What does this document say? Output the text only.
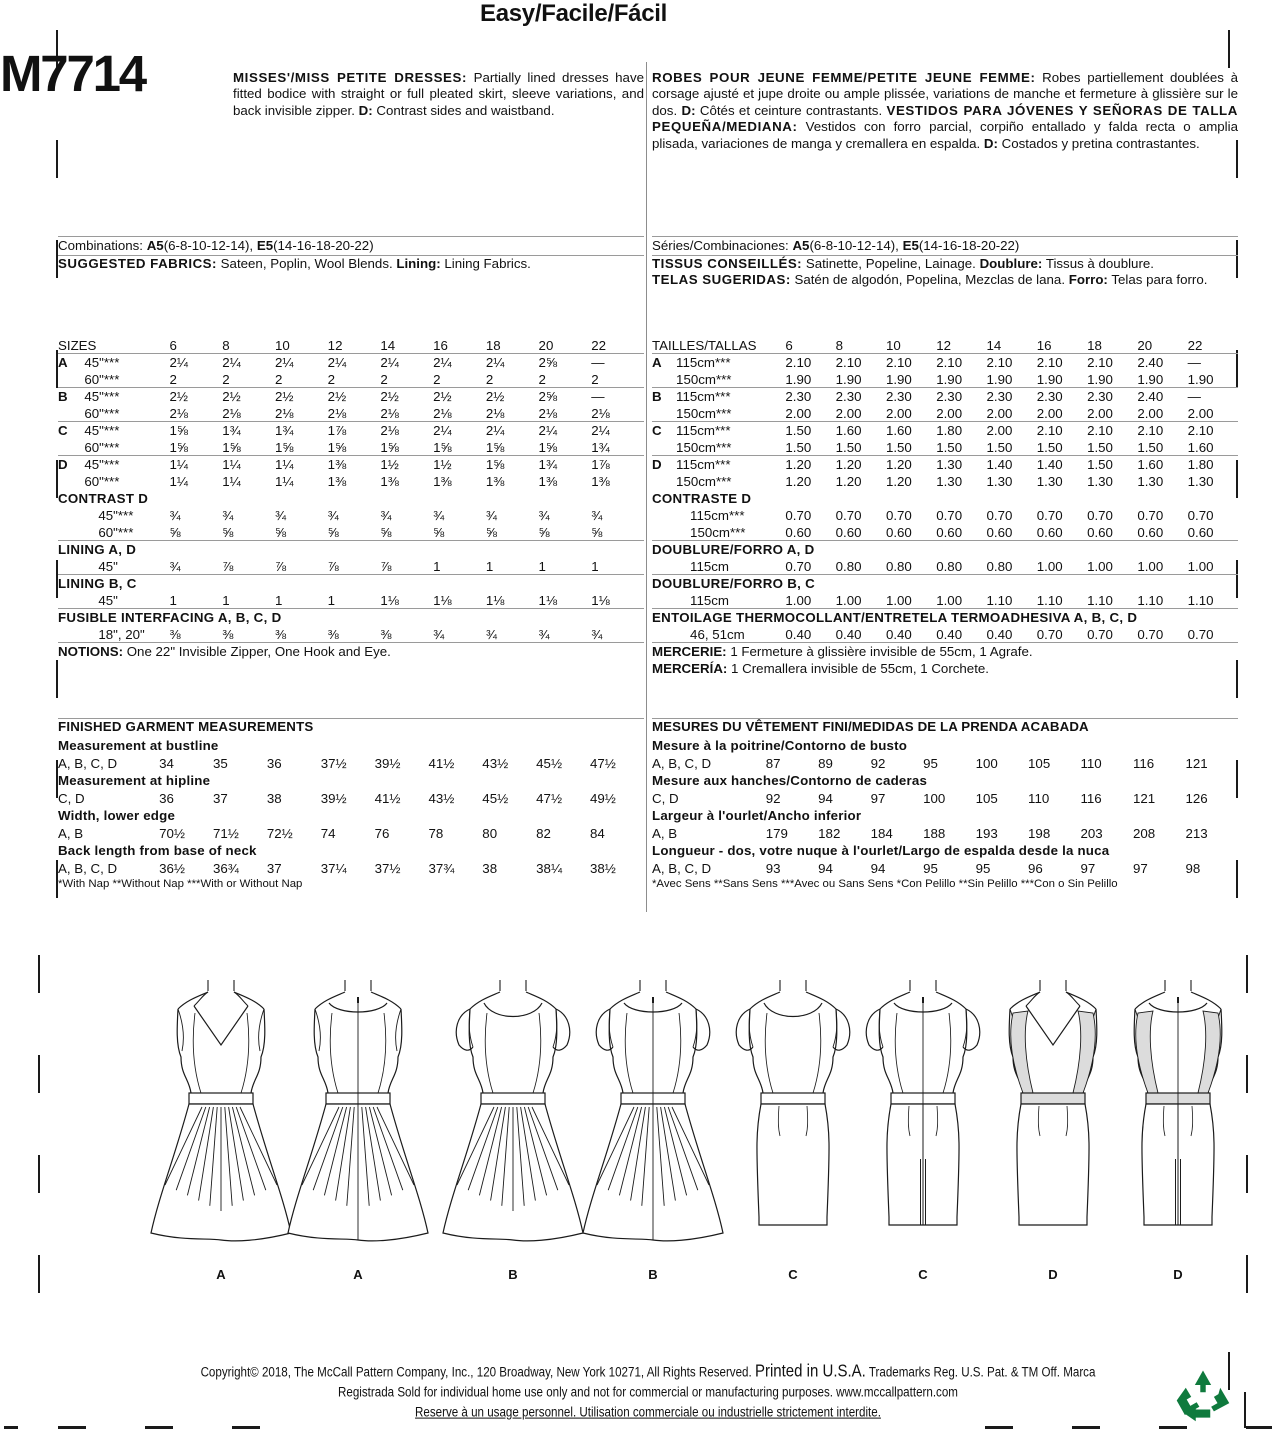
Easy/Facile/Fácil
M7714	MISSES'/MISS PETITE DRESSES: Partially lined dresses have fitted bodice with straight or full pleated skirt, sleeve variations, and back invisible zipper. D: Contrast sides and waistband.
Combinations: A5(6-8-10-12-14), E5(14-16-18-20-22)
SUGGESTED FABRICS: Sateen, Poplin, Wool Blends. Lining: Lining Fabrics.
SIZES		6	8	10	12	14	16	18	20	22
A	45"***	2¼	2¼	2¼	2¼	2¼	2¼	2¼	2⅝	—
	60"***	2	2	2	2	2	2	2	2	2
B	45"***	2½	2½	2½	2½	2½	2½	2½	2⅝	—
	60"***	2⅛	2⅛	2⅛	2⅛	2⅛	2⅛	2⅛	2⅛	2⅛
C	45"***	1⅝	1¾	1¾	1⅞	2⅛	2¼	2¼	2¼	2¼
	60"***	1⅝	1⅝	1⅝	1⅝	1⅝	1⅝	1⅝	1⅝	1¾
D	45"***	1¼	1¼	1¼	1⅜	1½	1½	1⅝	1¾	1⅞
	60"***	1¼	1¼	1¼	1⅜	1⅜	1⅜	1⅜	1⅜	1⅜
CONTRAST D										
	45"***	¾	¾	¾	¾	¾	¾	¾	¾	¾
	60"***	⅝	⅝	⅝	⅝	⅝	⅝	⅝	⅝	⅝
LINING A, D										
	45"	¾	⅞	⅞	⅞	⅞	1	1	1	1
LINING B, C										
	45"	1	1	1	1	1⅛	1⅛	1⅛	1⅛	1⅛
FUSIBLE INTERFACING A, B, C, D										
	18", 20"	⅜	⅜	⅜	⅜	⅜	¾	¾	¾	¾
NOTIONS: One 22" Invisible Zipper, One Hook and Eye.										
FINISHED GARMENT MEASUREMENTS
Measurement at bustline									
A, B, C, D	34	35	36	37½	39½	41½	43½	45½	47½
Measurement at hipline									
C, D	36	37	38	39½	41½	43½	45½	47½	49½
Width, lower edge									
A, B	70½	71½	72½	74	76	78	80	82	84
Back length from base of neck									
A, B, C, D	36½	36¾	37	37¼	37½	37¾	38	38¼	38½
*With Nap **Without Nap ***With or Without Nap
ROBES POUR JEUNE FEMME/PETITE JEUNE FEMME: Robes partiellement doublées à corsage ajusté et jupe droite ou ample plissée, variations de manche et fermeture à glissière sur le dos. D: Côtés et ceinture contrastants. VESTIDOS PARA JÓVENES Y SEÑORAS DE TALLA PEQUEÑA/MEDIANA: Vestidos con forro parcial, corpiño entallado y falda recta o amplia plisada, variaciones de manga y cremallera en espalda. D: Costados y pretina contrastantes.
Séries/Combinaciones: A5(6-8-10-12-14), E5(14-16-18-20-22)
TISSUS CONSEILLÉS: Satinette, Popeline, Lainage. Doublure: Tissus à doublure.
TELAS SUGERIDAS: Satén de algodón, Popelina, Mezclas de lana. Forro: Telas para forro.
TAILLES/TALLAS		6	8	10	12	14	16	18	20	22
A	115cm***	2.10	2.10	2.10	2.10	2.10	2.10	2.10	2.40	—
	150cm***	1.90	1.90	1.90	1.90	1.90	1.90	1.90	1.90	1.90
B	115cm***	2.30	2.30	2.30	2.30	2.30	2.30	2.30	2.40	—
	150cm***	2.00	2.00	2.00	2.00	2.00	2.00	2.00	2.00	2.00
C	115cm***	1.50	1.60	1.60	1.80	2.00	2.10	2.10	2.10	2.10
	150cm***	1.50	1.50	1.50	1.50	1.50	1.50	1.50	1.50	1.60
D	115cm***	1.20	1.20	1.20	1.30	1.40	1.40	1.50	1.60	1.80
	150cm***	1.20	1.20	1.20	1.30	1.30	1.30	1.30	1.30	1.30
CONTRASTE D										
	115cm***	0.70	0.70	0.70	0.70	0.70	0.70	0.70	0.70	0.70
	150cm***	0.60	0.60	0.60	0.60	0.60	0.60	0.60	0.60	0.60
DOUBLURE/FORRO A, D										
	115cm	0.70	0.80	0.80	0.80	0.80	1.00	1.00	1.00	1.00
DOUBLURE/FORRO B, C										
	115cm	1.00	1.00	1.00	1.00	1.10	1.10	1.10	1.10	1.10
ENTOILAGE THERMOCOLLANT/ENTRETELA TERMOADHESIVA A, B, C, D										
	46, 51cm	0.40	0.40	0.40	0.40	0.40	0.70	0.70	0.70	0.70
MERCERIE: 1 Fermeture à glissière invisible de 55cm, 1 Agrafe.										
MERCERÍA: 1 Cremallera invisible de 55cm, 1 Corchete.										
MESURES DU VÊTEMENT FINI/MEDIDAS DE LA PRENDA ACABADA
Mesure à la poitrine/Contorno de busto									
A, B, C, D	87	89	92	95	100	105	110	116	121
Mesure aux hanches/Contorno de caderas									
C, D	92	94	97	100	105	110	116	121	126
Largeur à l'ourlet/Ancho inferior									
A, B	179	182	184	188	193	198	203	208	213
Longueur - dos, votre nuque à l'ourlet/Largo de espalda desde la nuca									
A, B, C, D	93	94	94	95	95	96	97	97	98
*Avec Sens **Sans Sens ***Avec ou Sans Sens *Con Pelillo **Sin Pelillo ***Con o Sin Pelillo
A	A	B	B	C	C	D	D
Copyright© 2018, The McCall Pattern Company, Inc., 120 Broadway, New York 10271, All Rights Reserved. Printed in U.S.A. Trademarks Reg. U.S. Pat. & TM Off. Marca
Registrada Sold for individual home use only and not for commercial or manufacturing purposes. www.mccallpattern.com
Reserve à un usage personnel. Utilisation commerciale ou industrielle strictement interdite.
